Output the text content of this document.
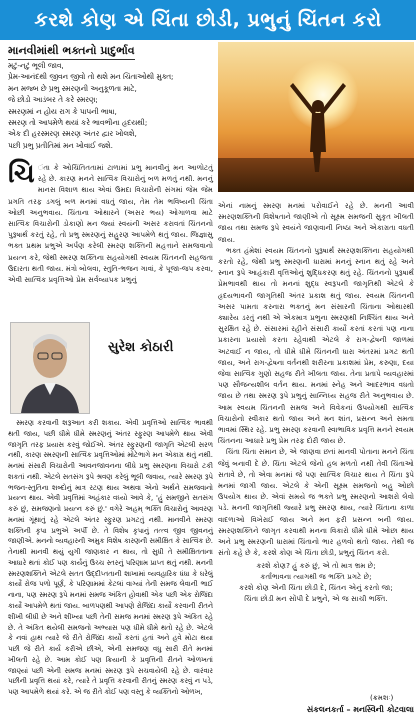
કરશે કોણ એ ચિંતા છોડી, પ્રભુનું ચિંતન કરો
માનવીમાંથી ભક્તનો પ્રાદુર્ભાવ

મટું-નટું ભૂલી જાવ,

પ્રેમ-આનંદથી જીવન જીવો તો થશે મન ચિંતાઓથી મુક્ત;

મન મજ્બ છે પ્રભુ સ્મરણની અનુકૂળતા માટે,

જે છોડો આડંબર તે કરે સ્મરણ;

સ્મરણમાં ન હોય રાગ કે પાપની ભાષા,

સ્મરણ તો આપમેળે થયાં કરે ભાવભીના હૃદયથી;

એક દી હરસ્મરણ સ્મરણ અંતર દ્વાર ખોલશે,

પછી પ્રભુ પ્રતીતિમાં મન ખોવાઈ જશે.

ચિ ંતા કે ઓચિંતિતતામાં ટાળામાં પ્રભુ માનવીનું મન આળોટતું રહે છે. કારણ મનને સાત્વિક વિચારોનું બળ મળતું નથી. મનનું માનસ વિશાળ થાય એવાં ઉમદા વિચારોની સંગમાં જેમ જેમ પ્રગતિ તરફ ડગલું બળ મનમાં વધતું જાય, તેમ તેમ ભવિષ્યની ચિંતા ઓછી અનુભવાય. ચિંતાના ઓથારને (અસર ભય) ઓગાળવા માટે સાત્વિક વિચારોની ડોકાણો મન જ્યાં સ્વયંની અસર કરાવતાં ચિંતનનો પુરૂષાર્થ કરતું રહે, તો પ્રભુ સ્મરણનું સહુરણ આપમેળે થતું જાય. જિજ્ઞાસુ ભક્ત પ્રથમ પ્રભુએ અર્પણ કરેલી સ્મરણ શક્તિની મહત્તાને સમજવાનો પ્રયત્ન કરે, જેથી સ્મરણ શક્તિના સહયોગથી સ્વયમ ચિંતનની સહજતા ઉદારતા થતી જાય. મંત્રો બોલવા, સ્તુતિ-ભજન ગાવાં, કે પૂજા-જપ કરવા, એવી સાત્વિક પ્રવૃત્તિઓ પ્રેમ સર્વવ્યાપક પ્રભુનું
સુરેશ કોઠારી

સ્મરણ કરવાની શરૂઆત કરી શકાય. એવી પ્રવૃત્તિઓ સાત્વિક ભાવથી થતી જાય, પછી ધીમે ધીમે સ્મરણનું અંતર સ્ફુરણ આપમેળે થાય એવી જાગૃતિ તરફ પ્રયાસ કરવું જોઈએ. અંતર સ્ફુરણની જાગૃતિ એટલી સરળ નથી, કારણ સ્મરણની સાત્વિક પ્રવૃત્તિઓમાં મોટેભાગે મન એકાગ્ર થતું નથી. મનમાં સંસારી વિચારોની આવનજાવનના લીધે પ્રભુ સ્મરણના વિચારો ટકી શકતાં નથી. એટલે સતસંગ રૂપે શ્રવણ કરેલું ભૂલી જવાય, ત્યારે સ્મરણ રૂપે ભજન-સ્તુતિના શબ્દોનું માત્ર રટણ થાય અથવા એનો અર્થને સમજવાનો પ્રયત્ન થાય. એવી પ્રવૃત્તિમાં અહંકાર વધ્યો આવે કે, 'હું સમજીને સતસંગ કરું છું, સમજણનો પ્રયત્ન કરું છું.' વગેરે અહમ્ ભક્તિ વિચારોનું આવરણ મનમાં ગૂંથાતું રહે એટલે અંતર સ્ફુરણ પ્રગટતું નથી. માનવીને સ્મરણ શક્તિની કૃપા પ્રભુએ અર્પી છે. તે વિશેષ કૃપાનું તત્ત્વ જીવ જીવનનું જાણીએ. મનનો વ્યવહારની અમુક વિશેષ કારણની સમીક્ષિત કે સાત્વિક છે. તેનાથી માનવી થયું યુગી જાણકાર ન થાય, તો સુધી તે સમીક્ષિતતાના આધારે થતાં કોઈ પણ કાર્યનું ઉચ્ચ સ્તરનું પરિણામ પ્રાપ્ત થતું નથી. મનની સ્મરણશક્તિને એટલે સતત ઉદ્દીપ્તતાની શાખામાં વ્યવહારિક ધંધા કે ઘરેલું કાર્યો રોજ પળો પૂર્ણ, કે પરિણામમાં કેટલાં વાગ્યાં તેની સમજ લેવાની ભાઈ નાના, પણ સ્મરણ રૂપે મનમાં સમજ અંકિત હોવાથી એક પછી એક રોજિંદા કાર્યો આપમેળે થતાં જાય. બાળપણથી આપણે રોજિંદા કાર્યો કરવાની રીતને શીખી લીધી છે અને શીખ્યા પછી તેની સમજ મનમાં સ્મરણ રૂપે અંકિત રહે છે. તે અંકિત થયેલી સમજનો અભ્યાસ પણ ધીમે ધીમે થતો રહે છે. એટલે કે નવાં હાથ ત્યારે જે રીતે રોજિંદા કાર્યો કરતાં હતાં અને હવે મોટા થયા પછી જે રીતે કાર્ય કરીએ છીએ, એની સમજણ વધુ સારી રીતે મનમાં ખીલતી રહે છે. આમ કોઈ પણ ક્રિયાની કે પ્રવૃત્તિની રીતને ઓળખતાં જાણ્યાં પછી એની સમજ મનમાં સ્મરણ રૂપે સચવાયેલી રહે છે. વારંવાર પછીની પ્રવૃત્તિ થયાં કરે, ત્યારે તે પ્રવૃત્તિ કરવાની રીતનું સ્મરણ કરવું ન પડે, પણ આપમેળે થયાં કરે. એ જ રીતે કોઈ પણ વસ્તુ કે વ્યક્તિનો ઓળખ,

એનાં નામનું સ્મરણ મનમાં પરોવાઈને રહે છે. મનની આવી સ્મરણશક્તિની વિશેષતાને જાણીએ તો સૂક્ષ્મ સમજની સુકૃત ખીલતી જાય તથા સમજ રૂપે સ્વયંને જાણવાની નિષ્ઠા અને એકાગ્રતા વધતી જાય.

ભક્ત હંમેશાં સ્વયમ ચિંતનનો પુરૂષાર્થ સ્મરણશક્તિના સહયોગથી કરતો રહે, જેથી પ્રભુ સ્મરણની ધારામાં મનનું સ્નાન થતું રહે અને સ્નાન રૂપે આહંકારી વૃત્તિઓનું શુદ્ધિકરણ થતું રહે. ચિંતનનો પુરૂષાર્થ પ્રેમભાવથી થાય તો મનનાં શુદ્ધ સ્વરૂપની જાગૃતિથી એટલે કે હૃદયભાવની જાગૃતિથી અંતર પ્રકાશ થતું જાય. સ્વયમ ચિંતનની અસર પામતા કરનારા ભક્તનું મન સંસારની ચિંતાના ઓથારથી ક્યારેય ડરતું નથી એ એકમાત્ર પ્રભુના સ્મરણથી નિશ્ચિંત થાય અને સુરક્ષિત રહે છે. સંસારમાં રહીને સંસારી કાર્યો કરતાં કરતાં પણ નાના પ્રકારના પ્રયાસો કરતા રહેવાથી એટલે કે રાગ-દ્વેષની જાળમાં અટવાઈ ન જાય, તો ધીમે ધીમે ચિંતનની ધારા અંતરમાં પ્રગટ થતી જાય, અને રાગ-દ્વેષના વર્તનથી શરીરના પ્રકાશમાં પ્રેમ, કરુણા, દયા જેવા સાત્વિક ગુણો સહજ રીતે ખીલતા જાય. તેના પ્રતાપે વ્યવહારમાં પણ સૌજન્યશીલ વર્તન થાય. મનમાં સ્નેહ અને આદરભાવ વધતો જાય છે તથા સ્મરણ રૂપે પ્રભુનું સાન્નિધ્ય સહજ રીતે અનુભવાય છે. આમ સ્વયમ ચિંતનની સમજ અને વિવેકનાં ઉપયોગથી સાત્વિક વિચારોનો સ્વીકાર થતો જાય અને મન શાંત, પ્રસન્ન અને સમતા ભાવમાં સ્થિર રહે. પ્રભુ સ્મરણ કરવાની સ્વાભાવિક પ્રવૃત્તિ મનને સ્વયમ ચિંતનના આધારે પ્રભુ પ્રેમ તરફ દોરી જાય છે.

ચિંતા ચિંતા સમાન છે, એ જાણવા છતાં માનવી પોતાના મનને ચિંતા જેવું બનાવી દે છે. ચિંતા એટલે જેનો હલ મળતો નથી તેવી ચિંતાઓ સતાવે છે, તો એવા મનમાં જે પણ સાત્વિક વિચાર થાય તે ચિંતા રૂપે મનમાં જાગી જાય. એટલે કે એની સૂક્ષ્મ સમજનો બહુ ઓછો ઉપયોગ થાય છે. એવાં સમયે જ ભક્તે પ્રભુ સ્મરણનો આશરો લેવો પડે. મનની જાગૃતિથી જ્યારે પ્રભુ સ્મરણ થાય, ત્યારે ચિંતાના કાળા વાદળાઓ વિખેરાઈ જાય અને મન ફરી પ્રસન્ન બની જાય. સ્મરણશક્તિને જાગૃત કરવાથી મનના વિકારો ધીમે ધીમે ઓછા થાય અને પ્રભુ સ્મરણની ધારામાં ચિંતાનો ભાર હળવો થતો જાય. તેથી જ સંતો કહે છે કે, કરશે કોણ એ ચિંતા છોડી, પ્રભુનું ચિંતન કરો.

કરશે કોણ? હું કરું છું, એ તો માત્ર ભ્રમ છે;
કર્તાભાવના ત્યાગથી જ ભક્તિ પ્રગટે છે;
કરશે કોણ એની ચિંતા છોડી દે, ચિંતન એનું કરતો જા;
ચિંતા છોડી મન સોંપી દે પ્રભુને, એ જ સાચી ભક્તિ.
(ક્રમશઃ)
સંકલનકર્તા – મનસ્વિની કોટવાલા
